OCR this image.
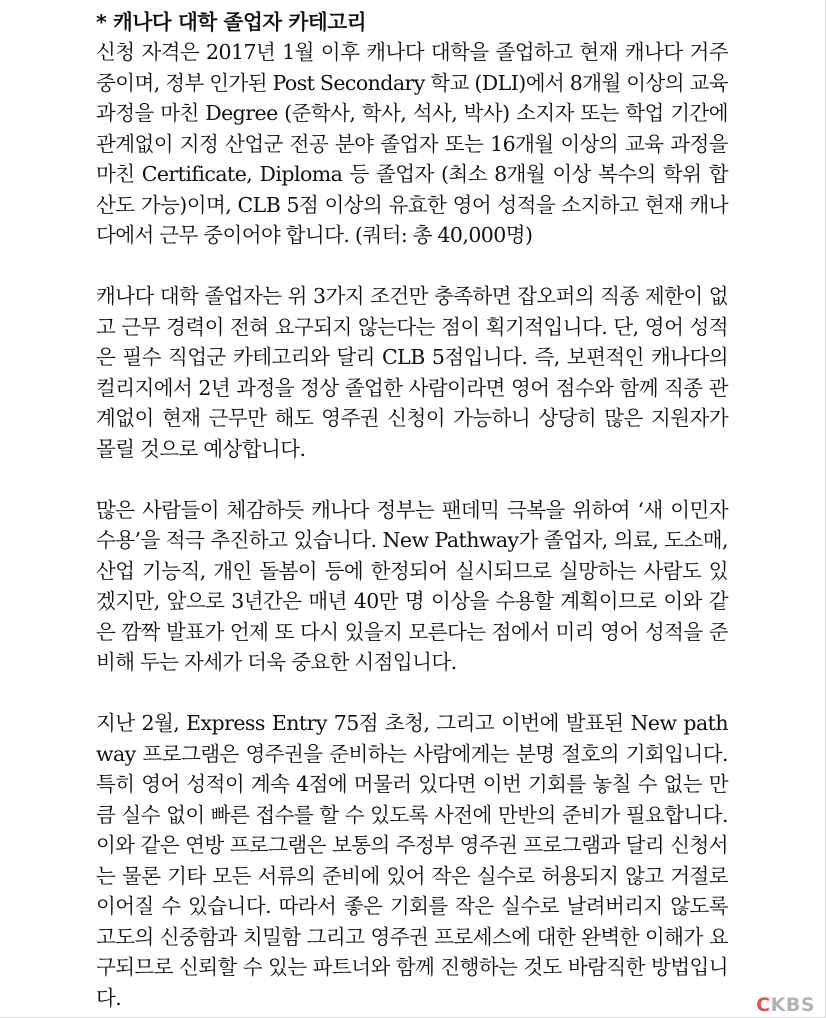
* 캐나다 대학 졸업자 카테고리

신청 자격은 2017년 1월 이후 캐나다 대학을 졸업하고 현재 캐나다 거주 중이며, 정부 인가된 Post Secondary 학교 (DLI)에서 8개월 이상의 교육 과정을 마친 Degree (준학사, 학사, 석사, 박사) 소지자 또는 학업 기간에 관계없이 지정 산업군 전공 분야 졸업자 또는 16개월 이상의 교육 과정을 마친 Certificate, Diploma 등 졸업자 (최소 8개월 이상 복수의 학위 합산도 가능)이며, CLB 5점 이상의 유효한 영어 성적을 소지하고 현재 캐나다에서 근무 중이어야 합니다. (쿼터: 총 40,000명)

캐나다 대학 졸업자는 위 3가지 조건만 충족하면 잡오퍼의 직종 제한이 없고 근무 경력이 전혀 요구되지 않는다는 점이 획기적입니다. 단, 영어 성적은 필수 직업군 카테고리와 달리 CLB 5점입니다. 즉, 보편적인 캐나다의 컬리지에서 2년 과정을 정상 졸업한 사람이라면 영어 점수와 함께 직종 관계없이 현재 근무만 해도 영주권 신청이 가능하니 상당히 많은 지원자가 몰릴 것으로 예상합니다.

많은 사람들이 체감하듯 캐나다 정부는 팬데믹 극복을 위하여 ‘새 이민자 수용’을 적극 추진하고 있습니다. New Pathway가 졸업자, 의료, 도소매, 산업 기능직, 개인 돌봄이 등에 한정되어 실시되므로 실망하는 사람도 있겠지만, 앞으로 3년간은 매년 40만 명 이상을 수용할 계획이므로 이와 같은 깜짝 발표가 언제 또 다시 있을지 모른다는 점에서 미리 영어 성적을 준비해 두는 자세가 더욱 중요한 시점입니다.

지난 2월, Express Entry 75점 초청, 그리고 이번에 발표된 New pathway 프로그램은 영주권을 준비하는 사람에게는 분명 절호의 기회입니다. 특히 영어 성적이 계속 4점에 머물러 있다면 이번 기회를 놓칠 수 없는 만큼 실수 없이 빠른 접수를 할 수 있도록 사전에 만반의 준비가 필요합니다. 이와 같은 연방 프로그램은 보통의 주정부 영주권 프로그램과 달리 신청서는 물론 기타 모든 서류의 준비에 있어 작은 실수로 허용되지 않고 거절로 이어질 수 있습니다. 따라서 좋은 기회를 작은 실수로 날려버리지 않도록 고도의 신중함과 치밀함 그리고 영주권 프로세스에 대한 완벽한 이해가 요구되므로 신뢰할 수 있는 파트너와 함께 진행하는 것도 바람직한 방법입니다.	CKBS
